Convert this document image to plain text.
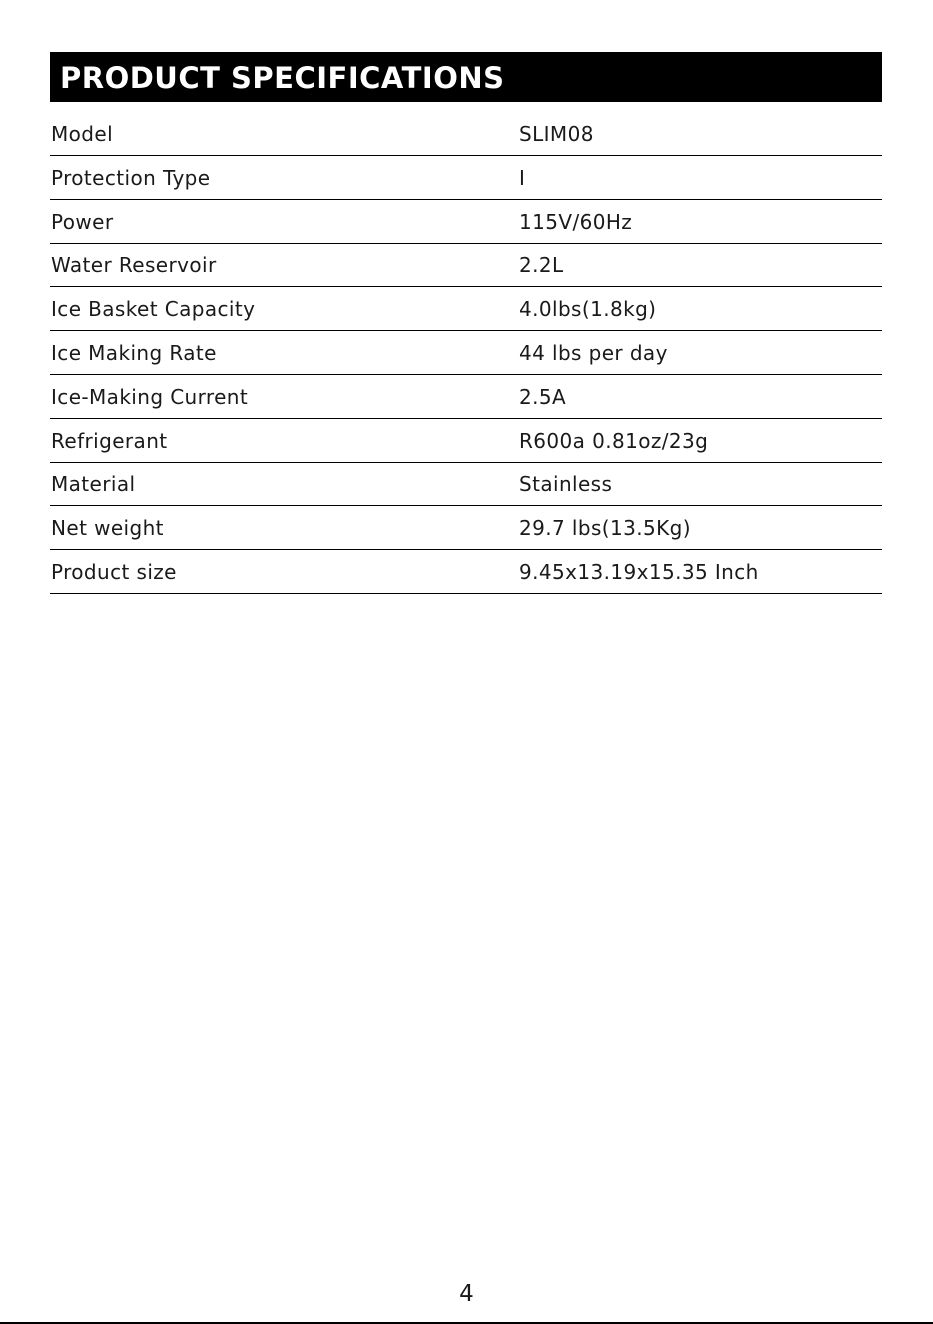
PRODUCT SPECIFICATIONS
Model	SLIM08
Protection Type	I
Power	115V/60Hz
Water Reservoir	2.2L
Ice Basket Capacity	4.0lbs(1.8kg)
Ice Making Rate	44 lbs per day
Ice-Making Current	2.5A
Refrigerant	R600a 0.81oz/23g
Material	Stainless
Net weight	29.7 lbs(13.5Kg)
Product size	9.45x13.19x15.35 Inch
4
